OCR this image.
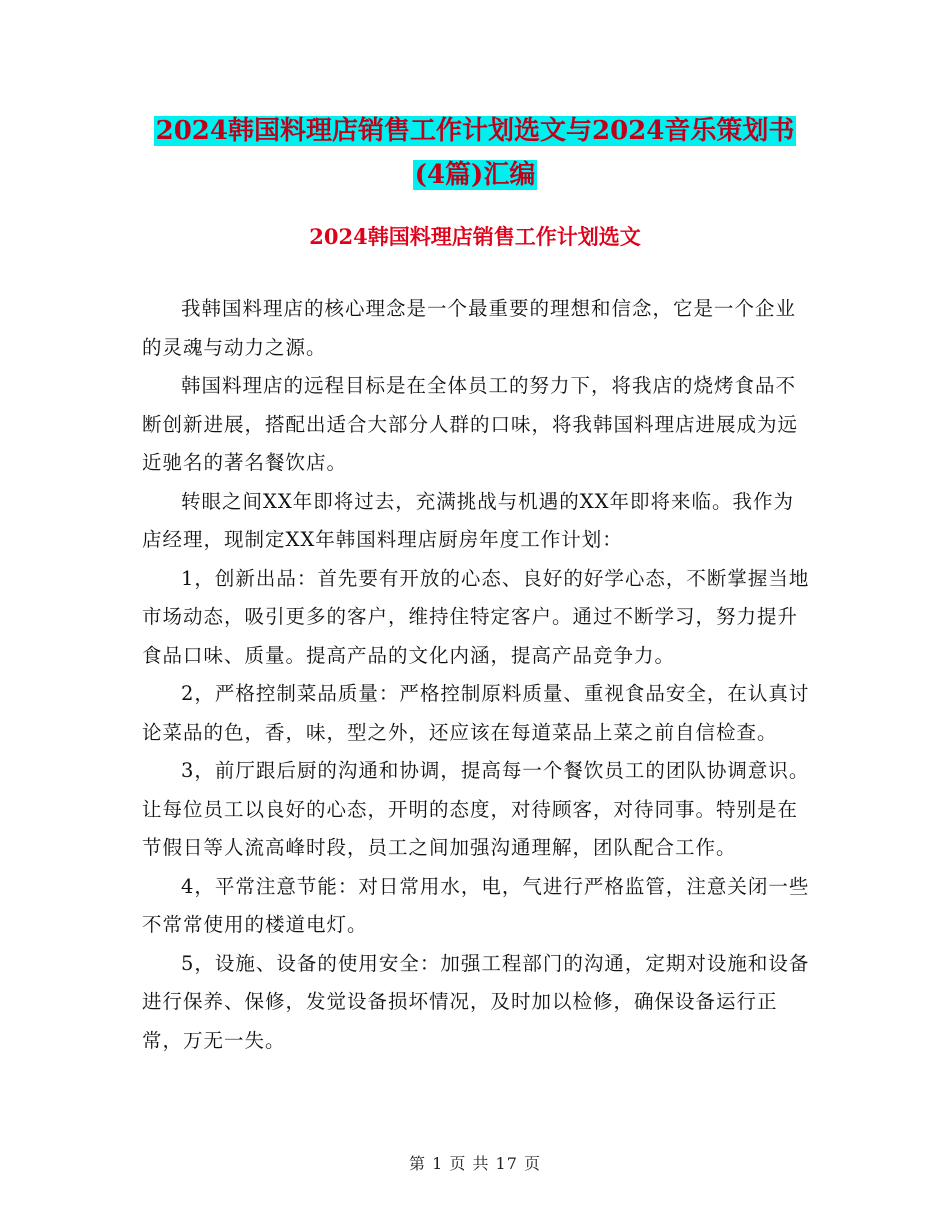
2024韩国料理店销售工作计划选文与2024音乐策划书
(4篇)汇编
2024韩国料理店销售工作计划选文

我韩国料理店的核心理念是一个最重要的理想和信念，它是一个企业的灵魂与动力之源。

韩国料理店的远程目标是在全体员工的努力下，将我店的烧烤食品不断创新进展，搭配出适合大部分人群的口味，将我韩国料理店进展成为远近驰名的著名餐饮店。

转眼之间XX年即将过去，充满挑战与机遇的XX年即将来临。我作为店经理，现制定XX年韩国料理店厨房年度工作计划：

1，创新出品：首先要有开放的心态、良好的好学心态，不断掌握当地市场动态，吸引更多的客户，维持住特定客户。通过不断学习，努力提升食品口味、质量。提高产品的文化内涵，提高产品竞争力。

2，严格控制菜品质量：严格控制原料质量、重视食品安全，在认真讨论菜品的色，香，味，型之外，还应该在每道菜品上菜之前自信检查。

3，前厅跟后厨的沟通和协调，提高每一个餐饮员工的团队协调意识。让每位员工以良好的心态，开明的态度，对待顾客，对待同事。特别是在节假日等人流高峰时段，员工之间加强沟通理解，团队配合工作。

4，平常注意节能：对日常用水，电，气进行严格监管，注意关闭一些不常常使用的楼道电灯。

5，设施、设备的使用安全：加强工程部门的沟通，定期对设施和设备进行保养、保修，发觉设备损坏情况，及时加以检修，确保设备运行正常，万无一失。

第 1 页 共 17 页
